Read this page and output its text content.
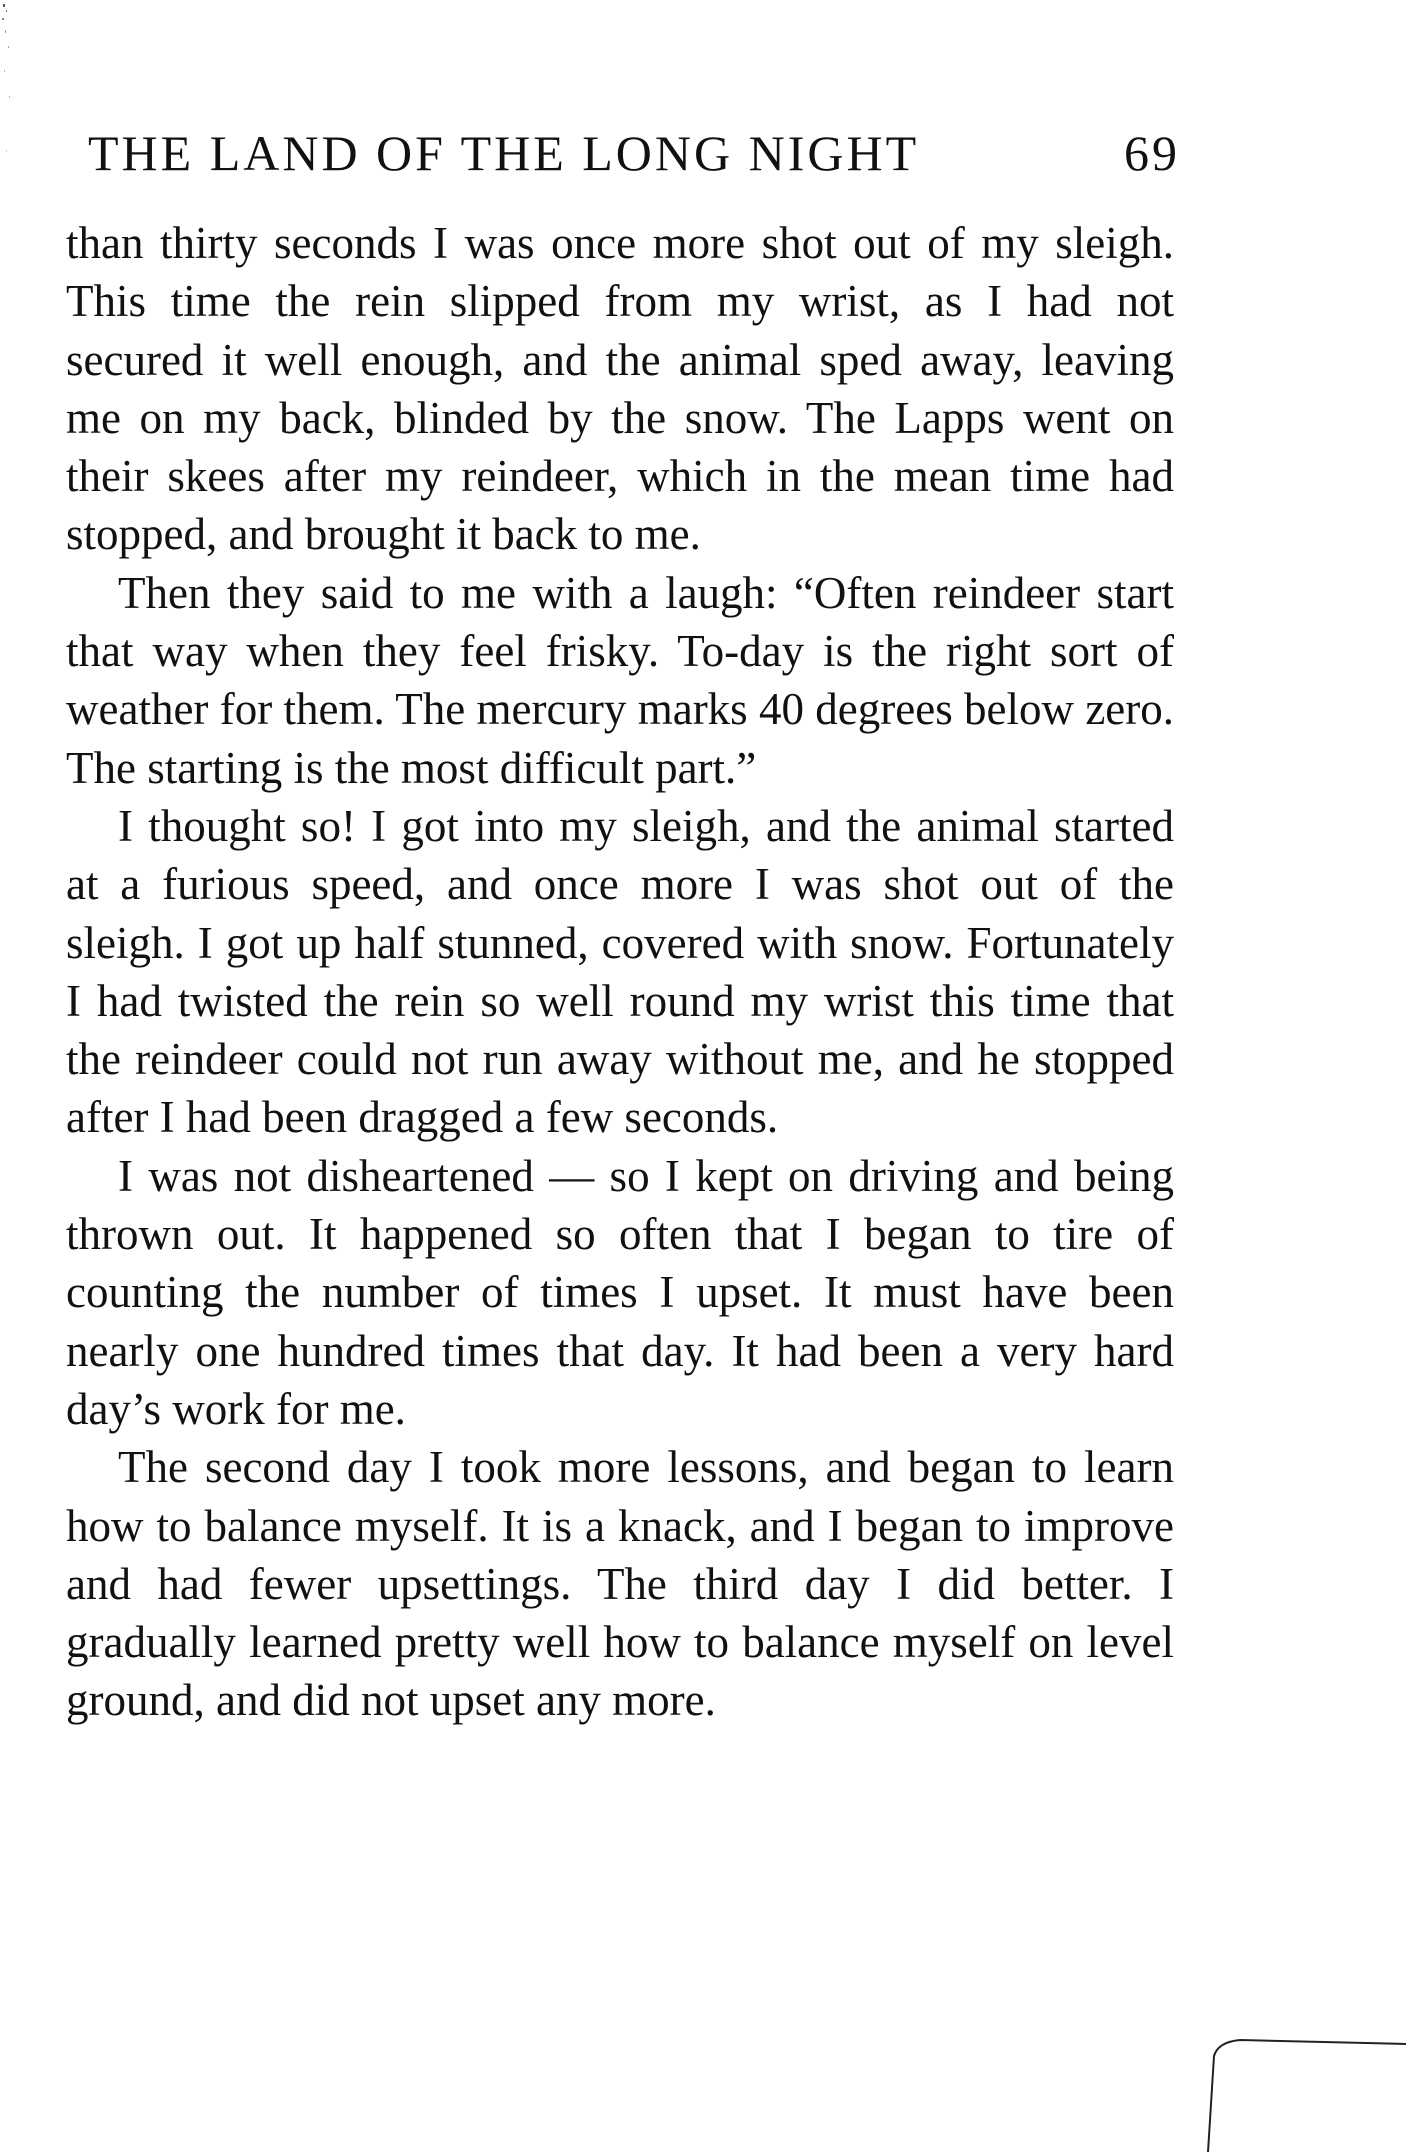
THE LAND OF THE LONG NIGHT	69

than thirty seconds I was once more shot out of my sleigh. This time the rein slipped from my wrist, as I had not secured it well enough, and the animal sped away, leaving me on my back, blinded by the snow. The Lapps went on their skees after my reindeer, which in the mean time had stopped, and brought it back to me.

Then they said to me with a laugh: “Often reindeer start that way when they feel frisky. To-day is the right sort of weather for them. The mercury marks 40 degrees below zero. The starting is the most difficult part.”

I thought so! I got into my sleigh, and the animal started at a furious speed, and once more I was shot out of the sleigh. I got up half stunned, covered with snow. Fortunately I had twisted the rein so well round my wrist this time that the reindeer could not run away without me, and he stopped after I had been dragged a few seconds.

I was not disheartened — so I kept on driving and being thrown out. It happened so often that I began to tire of counting the number of times I upset. It must have been nearly one hundred times that day. It had been a very hard day’s work for me.

The second day I took more lessons, and began to learn how to balance myself. It is a knack, and I began to improve and had fewer upsettings. The third day I did better. I gradually learned pretty well how to balance myself on level ground, and did not upset any more.
